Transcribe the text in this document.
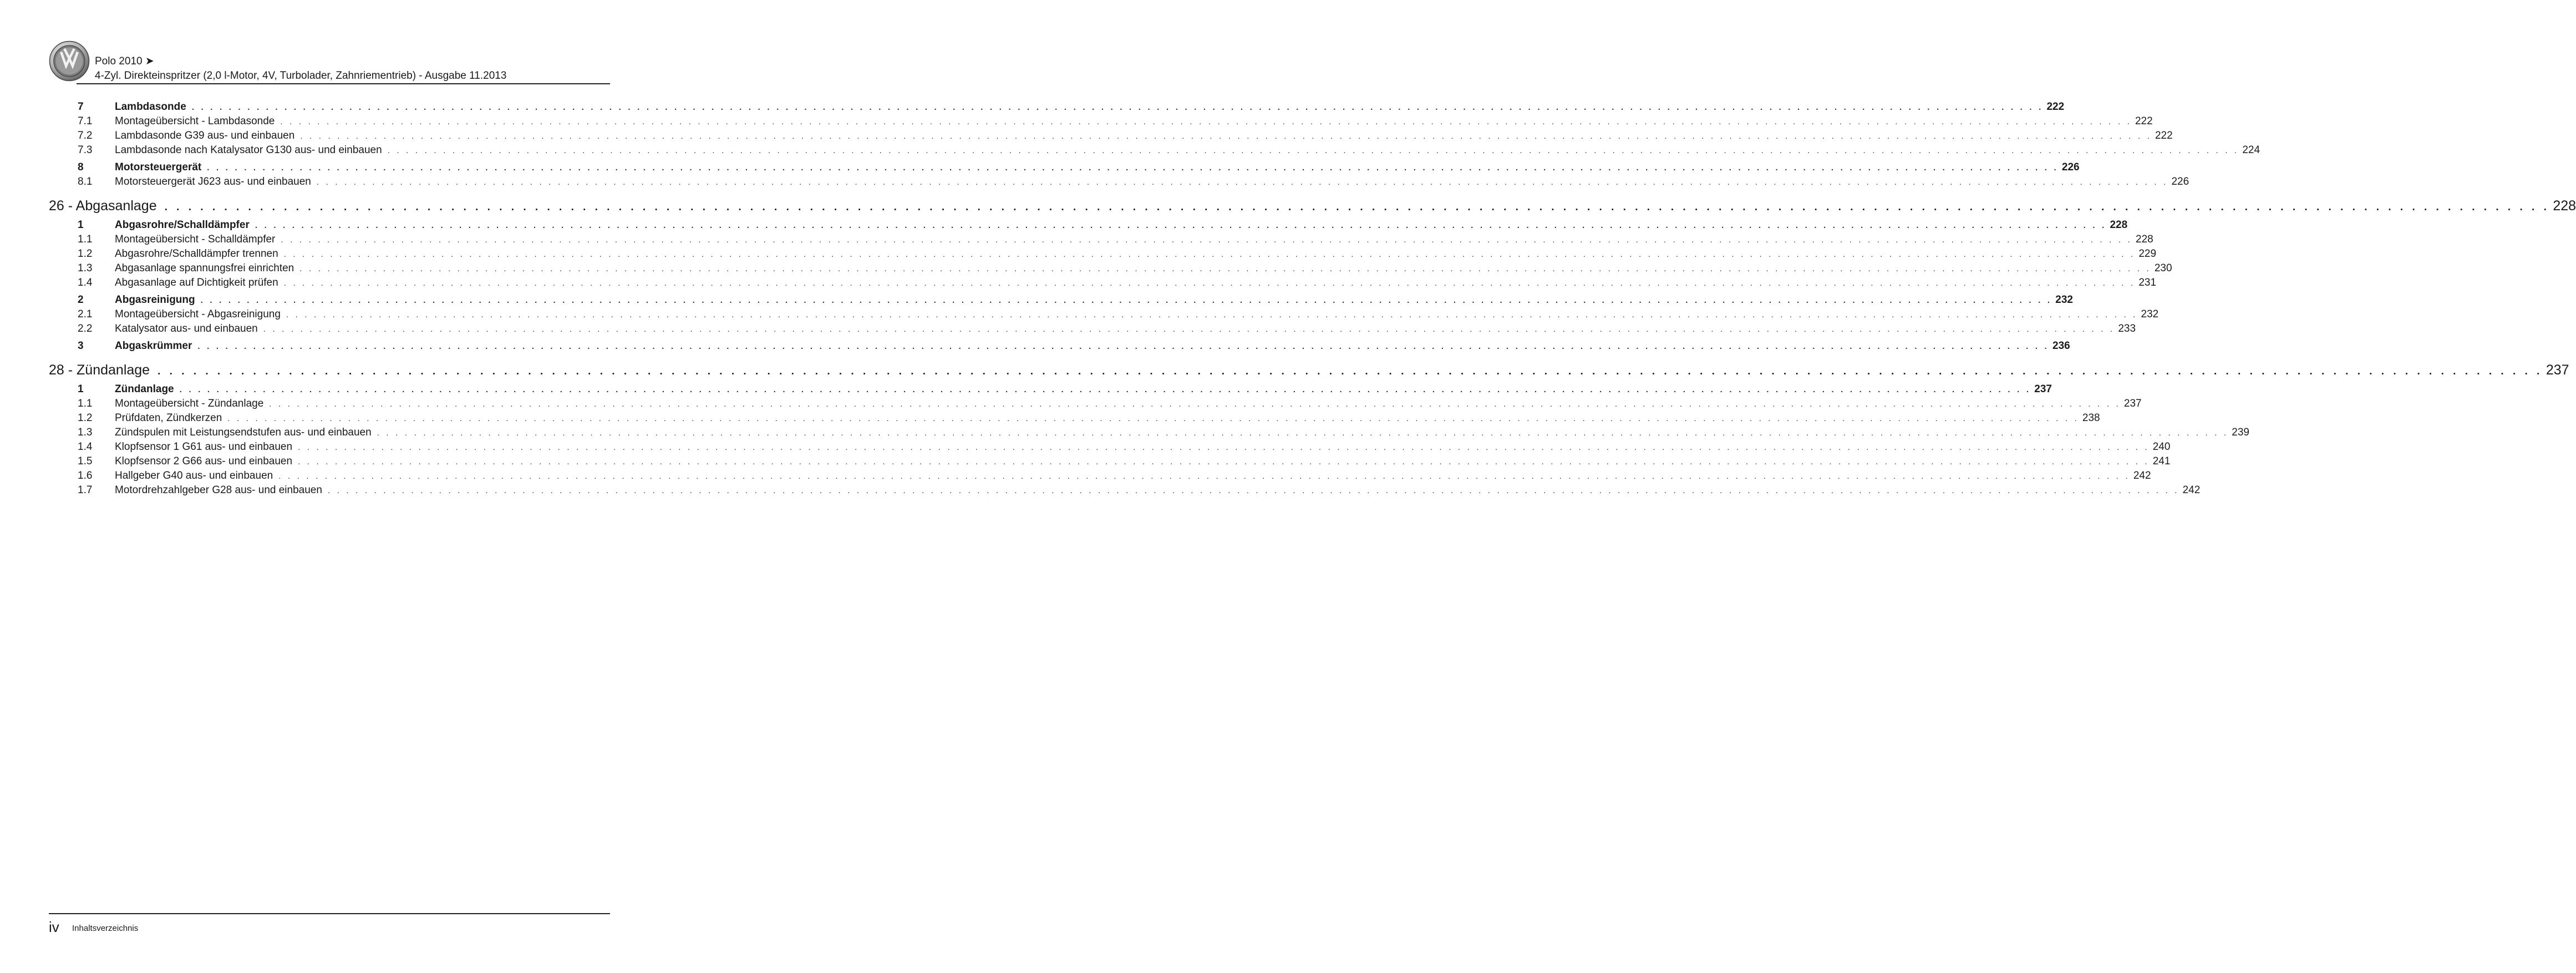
Polo 2010 ➤
4-Zyl. Direkteinspritzer (2,0 l-Motor, 4V, Turbolader, Zahnriementrieb) - Ausgabe 11.2013
7	Lambdasonde . . . . . . . . . . . . . . . . . . . . . . . . . . . . . . . . . . . . . . . . . . . . . . . . . . . . . . . . . . . . . . . . . . . . . . . . . . . . . . . . . . . . . . . . . . . . . . . . . . . . . . . . . . . . . . . . . . . . . . . . . . . . . . . . . . . . . . . . . . . . . . . . . . . . . . . . . . . . . . . . . . . . . . . . . . . . . . . . . . . . . . . . . . . . . . . . . . . . . . . . 222
7.1	Montageübersicht - Lambdasonde . . . . . . . . . . . . . . . . . . . . . . . . . . . . . . . . . . . . . . . . . . . . . . . . . . . . . . . . . . . . . . . . . . . . . . . . . . . . . . . . . . . . . . . . . . . . . . . . . . . . . . . . . . . . . . . . . . . . . . . . . . . . . . . . . . . . . . . . . . . . . . . . . . . . . . . . . . . . . . . . . . . . . . . . . . . . . . . . . . . . . . . . . . . . . . . . . . . . . . . . 222
7.2	Lambdasonde G39 aus- und einbauen . . . . . . . . . . . . . . . . . . . . . . . . . . . . . . . . . . . . . . . . . . . . . . . . . . . . . . . . . . . . . . . . . . . . . . . . . . . . . . . . . . . . . . . . . . . . . . . . . . . . . . . . . . . . . . . . . . . . . . . . . . . . . . . . . . . . . . . . . . . . . . . . . . . . . . . . . . . . . . . . . . . . . . . . . . . . . . . . . . . . . . . . . . . . . . . . . . . . . . . . 222
7.3	Lambdasonde nach Katalysator G130 aus- und einbauen . . . . . . . . . . . . . . . . . . . . . . . . . . . . . . . . . . . . . . . . . . . . . . . . . . . . . . . . . . . . . . . . . . . . . . . . . . . . . . . . . . . . . . . . . . . . . . . . . . . . . . . . . . . . . . . . . . . . . . . . . . . . . . . . . . . . . . . . . . . . . . . . . . . . . . . . . . . . . . . . . . . . . . . . . . . . . . . . . . . . . . . . . . . . . . . . . . . . . . . . 224
8	Motorsteuergerät . . . . . . . . . . . . . . . . . . . . . . . . . . . . . . . . . . . . . . . . . . . . . . . . . . . . . . . . . . . . . . . . . . . . . . . . . . . . . . . . . . . . . . . . . . . . . . . . . . . . . . . . . . . . . . . . . . . . . . . . . . . . . . . . . . . . . . . . . . . . . . . . . . . . . . . . . . . . . . . . . . . . . . . . . . . . . . . . . . . . . . . . . . . . . . . . . . . . . . . . 226
8.1	Motorsteuergerät J623 aus- und einbauen . . . . . . . . . . . . . . . . . . . . . . . . . . . . . . . . . . . . . . . . . . . . . . . . . . . . . . . . . . . . . . . . . . . . . . . . . . . . . . . . . . . . . . . . . . . . . . . . . . . . . . . . . . . . . . . . . . . . . . . . . . . . . . . . . . . . . . . . . . . . . . . . . . . . . . . . . . . . . . . . . . . . . . . . . . . . . . . . . . . . . . . . . . . . . . . . . . . . . . . . 226
26 - Abgasanlage . . . . . . . . . . . . . . . . . . . . . . . . . . . . . . . . . . . . . . . . . . . . . . . . . . . . . . . . . . . . . . . . . . . . . . . . . . . . . . . . . . . . . . . . . . . . . . . . . . . . . . . . . . . . . . . . . . . . . . . . . . . . . . . . . . . . . . . . . . . . . . . . . . . . . . . . . . . . . . . . . . . . . . . . . . . . . . . . . . . . . . . . . . . . . . . . . . . . . . . . 228
1	Abgasrohre/Schalldämpfer . . . . . . . . . . . . . . . . . . . . . . . . . . . . . . . . . . . . . . . . . . . . . . . . . . . . . . . . . . . . . . . . . . . . . . . . . . . . . . . . . . . . . . . . . . . . . . . . . . . . . . . . . . . . . . . . . . . . . . . . . . . . . . . . . . . . . . . . . . . . . . . . . . . . . . . . . . . . . . . . . . . . . . . . . . . . . . . . . . . . . . . . . . . . . . . . . . . . . . . . 228
1.1	Montageübersicht - Schalldämpfer . . . . . . . . . . . . . . . . . . . . . . . . . . . . . . . . . . . . . . . . . . . . . . . . . . . . . . . . . . . . . . . . . . . . . . . . . . . . . . . . . . . . . . . . . . . . . . . . . . . . . . . . . . . . . . . . . . . . . . . . . . . . . . . . . . . . . . . . . . . . . . . . . . . . . . . . . . . . . . . . . . . . . . . . . . . . . . . . . . . . . . . . . . . . . . . . . . . . . . . . 228
1.2	Abgasrohre/Schalldämpfer trennen . . . . . . . . . . . . . . . . . . . . . . . . . . . . . . . . . . . . . . . . . . . . . . . . . . . . . . . . . . . . . . . . . . . . . . . . . . . . . . . . . . . . . . . . . . . . . . . . . . . . . . . . . . . . . . . . . . . . . . . . . . . . . . . . . . . . . . . . . . . . . . . . . . . . . . . . . . . . . . . . . . . . . . . . . . . . . . . . . . . . . . . . . . . . . . . . . . . . . . . . 229
1.3	Abgasanlage spannungsfrei einrichten . . . . . . . . . . . . . . . . . . . . . . . . . . . . . . . . . . . . . . . . . . . . . . . . . . . . . . . . . . . . . . . . . . . . . . . . . . . . . . . . . . . . . . . . . . . . . . . . . . . . . . . . . . . . . . . . . . . . . . . . . . . . . . . . . . . . . . . . . . . . . . . . . . . . . . . . . . . . . . . . . . . . . . . . . . . . . . . . . . . . . . . . . . . . . . . . . . . . . . . . 230
1.4	Abgasanlage auf Dichtigkeit prüfen . . . . . . . . . . . . . . . . . . . . . . . . . . . . . . . . . . . . . . . . . . . . . . . . . . . . . . . . . . . . . . . . . . . . . . . . . . . . . . . . . . . . . . . . . . . . . . . . . . . . . . . . . . . . . . . . . . . . . . . . . . . . . . . . . . . . . . . . . . . . . . . . . . . . . . . . . . . . . . . . . . . . . . . . . . . . . . . . . . . . . . . . . . . . . . . . . . . . . . . . 231
2	Abgasreinigung . . . . . . . . . . . . . . . . . . . . . . . . . . . . . . . . . . . . . . . . . . . . . . . . . . . . . . . . . . . . . . . . . . . . . . . . . . . . . . . . . . . . . . . . . . . . . . . . . . . . . . . . . . . . . . . . . . . . . . . . . . . . . . . . . . . . . . . . . . . . . . . . . . . . . . . . . . . . . . . . . . . . . . . . . . . . . . . . . . . . . . . . . . . . . . . . . . . . . . . . 232
2.1	Montageübersicht - Abgasreinigung . . . . . . . . . . . . . . . . . . . . . . . . . . . . . . . . . . . . . . . . . . . . . . . . . . . . . . . . . . . . . . . . . . . . . . . . . . . . . . . . . . . . . . . . . . . . . . . . . . . . . . . . . . . . . . . . . . . . . . . . . . . . . . . . . . . . . . . . . . . . . . . . . . . . . . . . . . . . . . . . . . . . . . . . . . . . . . . . . . . . . . . . . . . . . . . . . . . . . . . . 232
2.2	Katalysator aus- und einbauen . . . . . . . . . . . . . . . . . . . . . . . . . . . . . . . . . . . . . . . . . . . . . . . . . . . . . . . . . . . . . . . . . . . . . . . . . . . . . . . . . . . . . . . . . . . . . . . . . . . . . . . . . . . . . . . . . . . . . . . . . . . . . . . . . . . . . . . . . . . . . . . . . . . . . . . . . . . . . . . . . . . . . . . . . . . . . . . . . . . . . . . . . . . . . . . . . . . . . . . . 233
3	Abgaskrümmer . . . . . . . . . . . . . . . . . . . . . . . . . . . . . . . . . . . . . . . . . . . . . . . . . . . . . . . . . . . . . . . . . . . . . . . . . . . . . . . . . . . . . . . . . . . . . . . . . . . . . . . . . . . . . . . . . . . . . . . . . . . . . . . . . . . . . . . . . . . . . . . . . . . . . . . . . . . . . . . . . . . . . . . . . . . . . . . . . . . . . . . . . . . . . . . . . . . . . . . . 236
28 - Zündanlage . . . . . . . . . . . . . . . . . . . . . . . . . . . . . . . . . . . . . . . . . . . . . . . . . . . . . . . . . . . . . . . . . . . . . . . . . . . . . . . . . . . . . . . . . . . . . . . . . . . . . . . . . . . . . . . . . . . . . . . . . . . . . . . . . . . . . . . . . . . . . . . . . . . . . . . . . . . . . . . . . . . . . . . . . . . . . . . . . . . . . . . . . . . . . . . . . . . . . . . . 237
1	Zündanlage . . . . . . . . . . . . . . . . . . . . . . . . . . . . . . . . . . . . . . . . . . . . . . . . . . . . . . . . . . . . . . . . . . . . . . . . . . . . . . . . . . . . . . . . . . . . . . . . . . . . . . . . . . . . . . . . . . . . . . . . . . . . . . . . . . . . . . . . . . . . . . . . . . . . . . . . . . . . . . . . . . . . . . . . . . . . . . . . . . . . . . . . . . . . . . . . . . . . . . . . 237
1.1	Montageübersicht - Zündanlage . . . . . . . . . . . . . . . . . . . . . . . . . . . . . . . . . . . . . . . . . . . . . . . . . . . . . . . . . . . . . . . . . . . . . . . . . . . . . . . . . . . . . . . . . . . . . . . . . . . . . . . . . . . . . . . . . . . . . . . . . . . . . . . . . . . . . . . . . . . . . . . . . . . . . . . . . . . . . . . . . . . . . . . . . . . . . . . . . . . . . . . . . . . . . . . . . . . . . . . . 237
1.2	Prüfdaten, Zündkerzen . . . . . . . . . . . . . . . . . . . . . . . . . . . . . . . . . . . . . . . . . . . . . . . . . . . . . . . . . . . . . . . . . . . . . . . . . . . . . . . . . . . . . . . . . . . . . . . . . . . . . . . . . . . . . . . . . . . . . . . . . . . . . . . . . . . . . . . . . . . . . . . . . . . . . . . . . . . . . . . . . . . . . . . . . . . . . . . . . . . . . . . . . . . . . . . . . . . . . . . . 238
1.3	Zündspulen mit Leistungsendstufen aus- und einbauen . . . . . . . . . . . . . . . . . . . . . . . . . . . . . . . . . . . . . . . . . . . . . . . . . . . . . . . . . . . . . . . . . . . . . . . . . . . . . . . . . . . . . . . . . . . . . . . . . . . . . . . . . . . . . . . . . . . . . . . . . . . . . . . . . . . . . . . . . . . . . . . . . . . . . . . . . . . . . . . . . . . . . . . . . . . . . . . . . . . . . . . . . . . . . . . . . . . . . . . . 239
1.4	Klopfsensor 1 G61 aus- und einbauen . . . . . . . . . . . . . . . . . . . . . . . . . . . . . . . . . . . . . . . . . . . . . . . . . . . . . . . . . . . . . . . . . . . . . . . . . . . . . . . . . . . . . . . . . . . . . . . . . . . . . . . . . . . . . . . . . . . . . . . . . . . . . . . . . . . . . . . . . . . . . . . . . . . . . . . . . . . . . . . . . . . . . . . . . . . . . . . . . . . . . . . . . . . . . . . . . . . . . . . . 240
1.5	Klopfsensor 2 G66 aus- und einbauen . . . . . . . . . . . . . . . . . . . . . . . . . . . . . . . . . . . . . . . . . . . . . . . . . . . . . . . . . . . . . . . . . . . . . . . . . . . . . . . . . . . . . . . . . . . . . . . . . . . . . . . . . . . . . . . . . . . . . . . . . . . . . . . . . . . . . . . . . . . . . . . . . . . . . . . . . . . . . . . . . . . . . . . . . . . . . . . . . . . . . . . . . . . . . . . . . . . . . . . . 241
1.6	Hallgeber G40 aus- und einbauen . . . . . . . . . . . . . . . . . . . . . . . . . . . . . . . . . . . . . . . . . . . . . . . . . . . . . . . . . . . . . . . . . . . . . . . . . . . . . . . . . . . . . . . . . . . . . . . . . . . . . . . . . . . . . . . . . . . . . . . . . . . . . . . . . . . . . . . . . . . . . . . . . . . . . . . . . . . . . . . . . . . . . . . . . . . . . . . . . . . . . . . . . . . . . . . . . . . . . . . . 242
1.7	Motordrehzahlgeber G28 aus- und einbauen . . . . . . . . . . . . . . . . . . . . . . . . . . . . . . . . . . . . . . . . . . . . . . . . . . . . . . . . . . . . . . . . . . . . . . . . . . . . . . . . . . . . . . . . . . . . . . . . . . . . . . . . . . . . . . . . . . . . . . . . . . . . . . . . . . . . . . . . . . . . . . . . . . . . . . . . . . . . . . . . . . . . . . . . . . . . . . . . . . . . . . . . . . . . . . . . . . . . . . . . 242
iv Inhaltsverzeichnis
